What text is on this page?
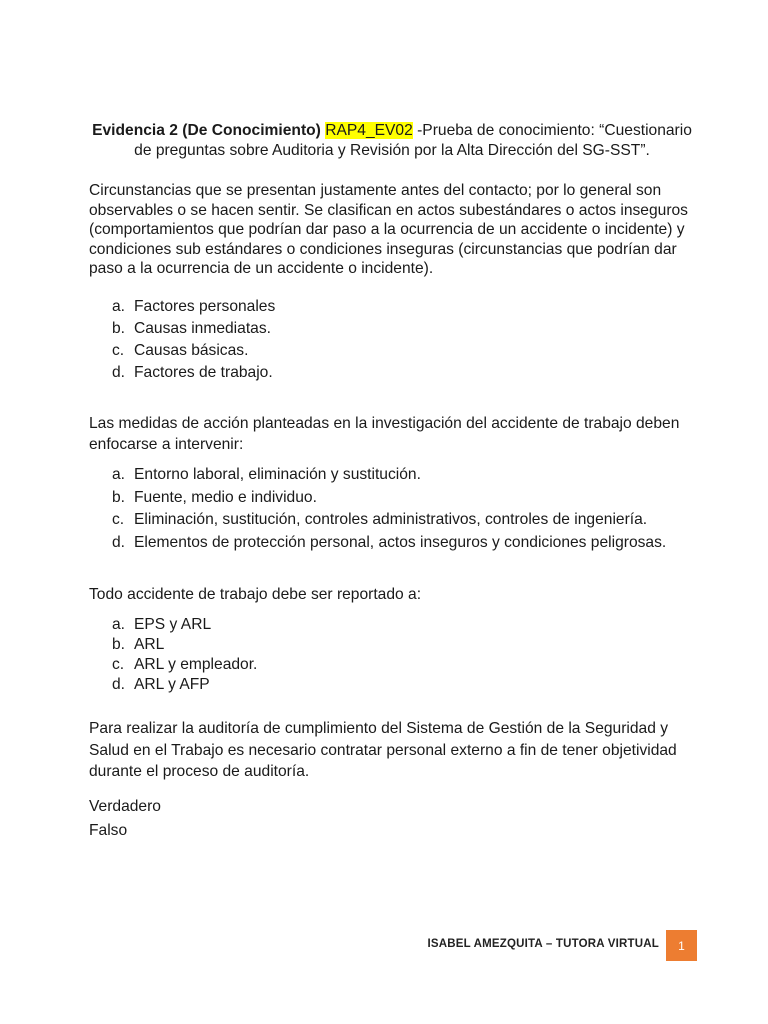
Evidencia 2 (De Conocimiento) RAP4_EV02 -Prueba de conocimiento: “Cuestionario de preguntas sobre Auditoria y Revisión por la Alta Dirección del SG-SST”.

Circunstancias que se presentan justamente antes del contacto; por lo general son observables o se hacen sentir. Se clasifican en actos subestándares o actos inseguros (comportamientos que podrían dar paso a la ocurrencia de un accidente o incidente) y condiciones sub estándares o condiciones inseguras (circunstancias que podrían dar paso a la ocurrencia de un accidente o incidente).

a. Factores personales
b. Causas inmediatas.
c. Causas básicas.
d. Factores de trabajo.

Las medidas de acción planteadas en la investigación del accidente de trabajo deben enfocarse a intervenir:

a. Entorno laboral, eliminación y sustitución.
b. Fuente, medio e individuo.
c. Eliminación, sustitución, controles administrativos, controles de ingeniería.
d. Elementos de protección personal, actos inseguros y condiciones peligrosas.

Todo accidente de trabajo debe ser reportado a:

a. EPS y ARL
b. ARL
c. ARL y empleador.
d. ARL y AFP

Para realizar la auditoría de cumplimiento del Sistema de Gestión de la Seguridad y Salud en el Trabajo es necesario contratar personal externo a fin de tener objetividad durante el proceso de auditoría.

Verdadero
Falso
ISABEL AMEZQUITA – TUTORA VIRTUAL 1
